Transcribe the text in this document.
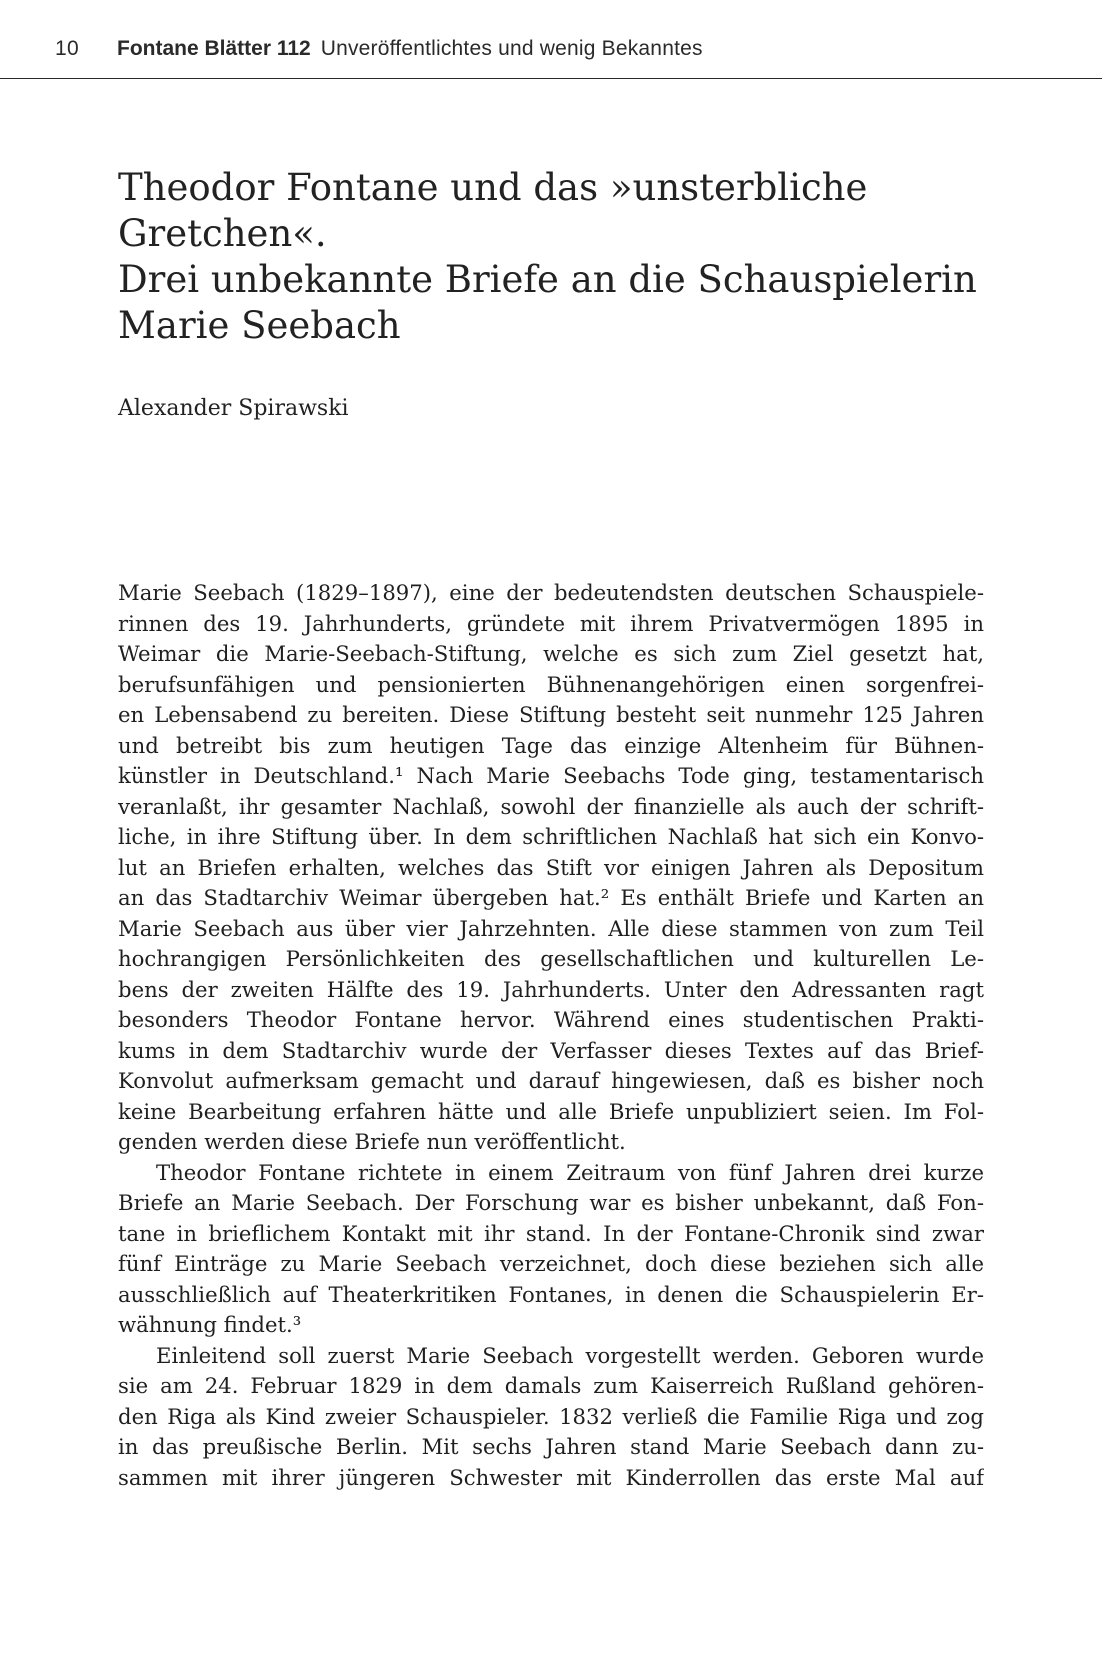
10 Fontane Blätter 112 Unveröffentlichtes und wenig Bekanntes
Theodor Fontane und das »unsterbliche
Gretchen«.
Drei unbekannte Briefe an die Schauspielerin
Marie Seebach

Alexander Spirawski

Marie Seebach (1829–1897), eine der bedeutendsten deutschen Schauspiele-
rinnen des 19. Jahrhunderts, gründete mit ihrem Privatvermögen 1895 in
Weimar die Marie-Seebach-Stiftung, welche es sich zum Ziel gesetzt hat,
berufsunfähigen und pensionierten Bühnenangehörigen einen sorgenfrei-
en Lebensabend zu bereiten. Diese Stiftung besteht seit nunmehr 125 Jahren
und betreibt bis zum heutigen Tage das einzige Altenheim für Bühnen-
künstler in Deutschland.¹ Nach Marie Seebachs Tode ging, testamentarisch
veranlaßt, ihr gesamter Nachlaß, sowohl der finanzielle als auch der schrift-
liche, in ihre Stiftung über. In dem schriftlichen Nachlaß hat sich ein Konvo-
lut an Briefen erhalten, welches das Stift vor einigen Jahren als Depositum
an das Stadtarchiv Weimar übergeben hat.² Es enthält Briefe und Karten an
Marie Seebach aus über vier Jahrzehnten. Alle diese stammen von zum Teil
hochrangigen Persönlichkeiten des gesellschaftlichen und kulturellen Le-
bens der zweiten Hälfte des 19. Jahrhunderts. Unter den Adressanten ragt
besonders Theodor Fontane hervor. Während eines studentischen Prakti-
kums in dem Stadtarchiv wurde der Verfasser dieses Textes auf das Brief-
Konvolut aufmerksam gemacht und darauf hingewiesen, daß es bisher noch
keine Bearbeitung erfahren hätte und alle Briefe unpubliziert seien. Im Fol-
genden werden diese Briefe nun veröffentlicht.
Theodor Fontane richtete in einem Zeitraum von fünf Jahren drei kurze
Briefe an Marie Seebach. Der Forschung war es bisher unbekannt, daß Fon-
tane in brieflichem Kontakt mit ihr stand. In der Fontane-Chronik sind zwar
fünf Einträge zu Marie Seebach verzeichnet, doch diese beziehen sich alle
ausschließlich auf Theaterkritiken Fontanes, in denen die Schauspielerin Er-
wähnung findet.³
Einleitend soll zuerst Marie Seebach vorgestellt werden. Geboren wurde
sie am 24. Februar 1829 in dem damals zum Kaiserreich Rußland gehören-
den Riga als Kind zweier Schauspieler. 1832 verließ die Familie Riga und zog
in das preußische Berlin. Mit sechs Jahren stand Marie Seebach dann zu-
sammen mit ihrer jüngeren Schwester mit Kinderrollen das erste Mal auf
